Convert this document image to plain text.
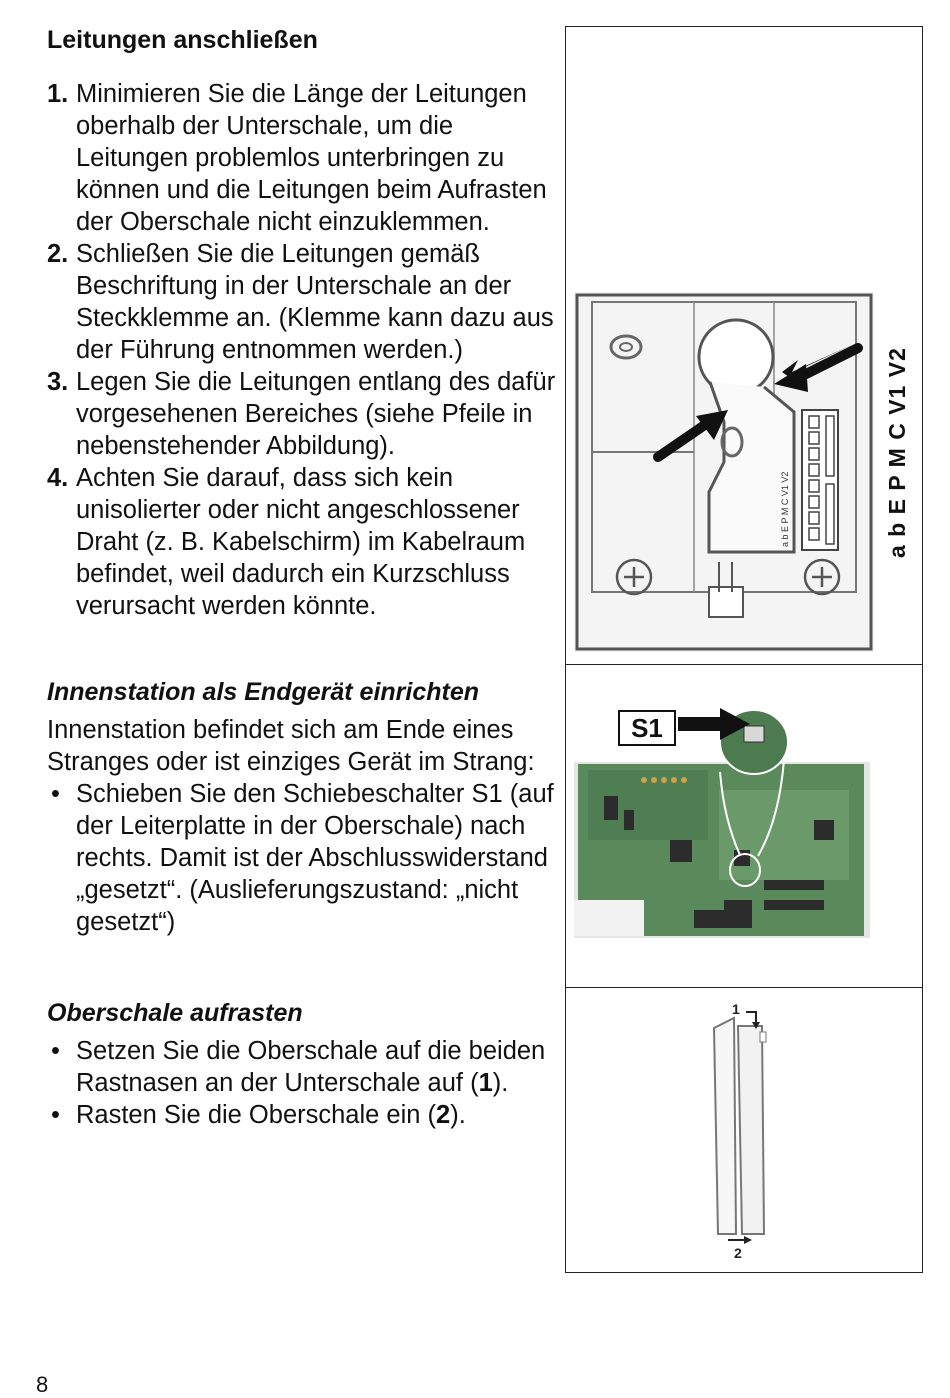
Leitungen anschließen
1. Minimieren Sie die Länge der Leitungen oberhalb der Unterschale, um die Leitungen problemlos unterbringen zu können und die Leitungen beim Aufrasten der Oberschale nicht einzuklemmen.
2. Schließen Sie die Leitungen gemäß Beschriftung in der Unterschale an der Steckklemme an. (Klemme kann dazu aus der Führung entnommen werden.)
3. Legen Sie die Leitungen entlang des dafür vorgesehenen Bereiches (siehe Pfeile in nebenstehender Abbildung).
4. Achten Sie darauf, dass sich kein unisolierter oder nicht angeschlossener Draht (z. B. Kabelschirm) im Kabelraum befindet, weil dadurch ein Kurzschluss verursacht werden könnte.
Innenstation als Endgerät einrichten

Innenstation befindet sich am Ende eines Stranges oder ist einziges Gerät im Strang:

• Schieben Sie den Schiebeschalter S1 (auf der Leiterplatte in der Oberschale) nach rechts. Damit ist der Abschlusswiderstand „gesetzt“. (Auslieferungszustand: „nicht gesetzt“)
Oberschale aufrasten
• Setzen Sie die Oberschale auf die beiden Rastnasen an der Unterschale auf (1).
• Rasten Sie die Oberschale ein (2).
8
a b E P M C V1 V2	a b E P M C V1 V2
S1
1
2
